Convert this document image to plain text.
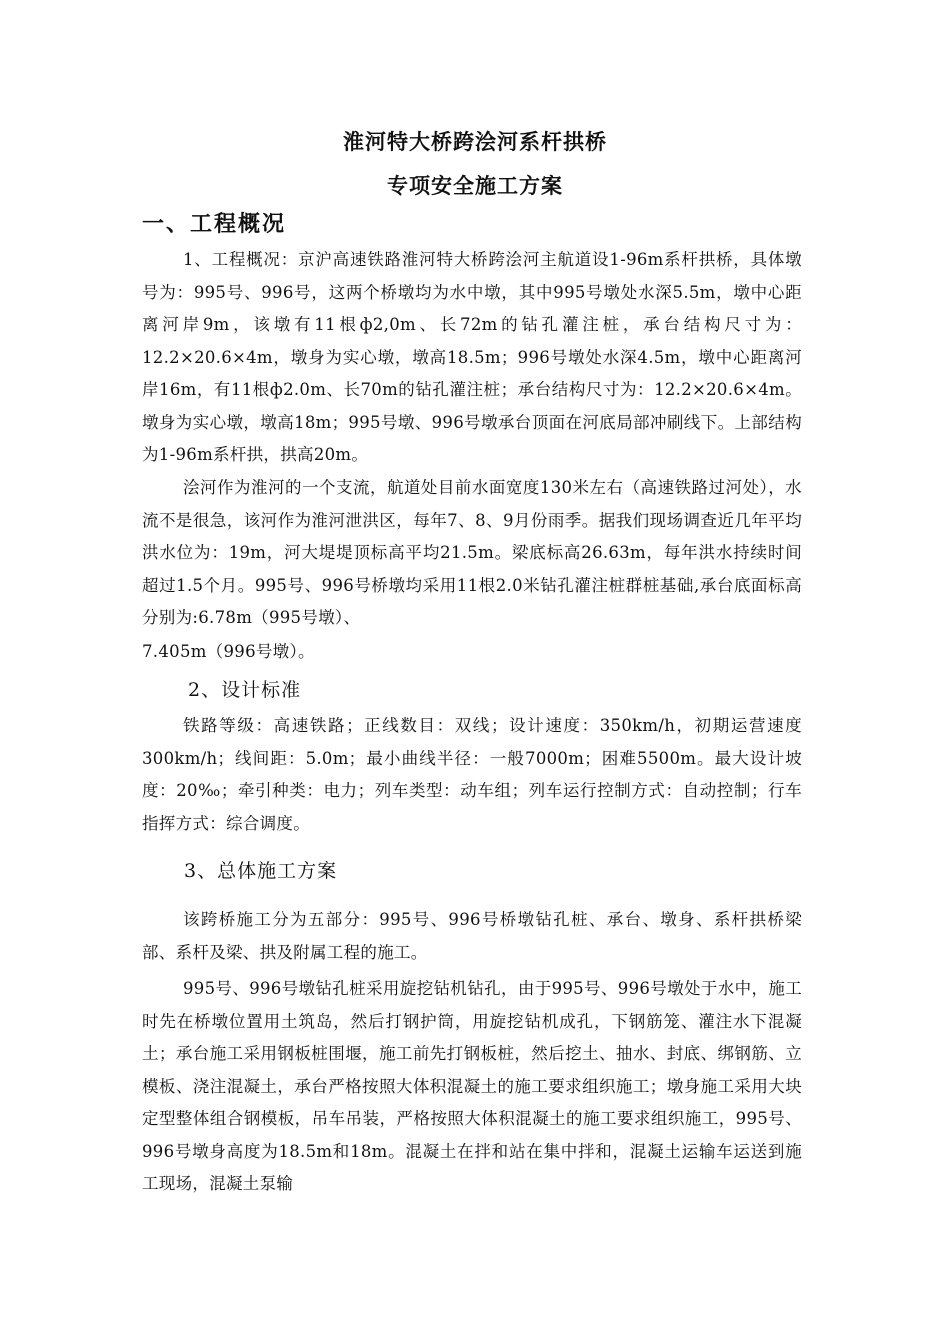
淮河特大桥跨浍河系杆拱桥
专项安全施工方案
一、工程概况
1、工程概况：京沪高速铁路淮河特大桥跨浍河主航道设1-96m系杆拱桥，具体墩号为：995号、996号，这两个桥墩均为水中墩，其中995号墩处水深5.5m，墩中心距离河岸9m，该墩有11根ф2,0m、长72m的钻孔灌注桩，承台结构尺寸为：12.2×20.6×4m，墩身为实心墩，墩高18.5m；996号墩处水深4.5m，墩中心距离河岸16m，有11根ф2.0m、长70m的钻孔灌注桩；承台结构尺寸为：12.2×20.6×4m。墩身为实心墩，墩高18m；995号墩、996号墩承台顶面在河底局部冲刷线下。上部结构为1-96m系杆拱，拱高20m。
浍河作为淮河的一个支流，航道处目前水面宽度130米左右（高速铁路过河处），水流不是很急，该河作为淮河泄洪区，每年7、8、9月份雨季。据我们现场调查近几年平均洪水位为：19m，河大堤堤顶标高平均21.5m。梁底标高26.63m，每年洪水持续时间超过1.5个月。995号、996号桥墩均采用11根2.0米钻孔灌注桩群桩基础,承台底面标高分别为:6.78m（995号墩）、
7.405m（996号墩）。
2、设计标准
铁路等级：高速铁路；正线数目：双线；设计速度：350km/h，初期运营速度300km/h；线间距：5.0m；最小曲线半径：一般7000m；困难5500m。最大设计坡度：20‰；牵引种类：电力；列车类型：动车组；列车运行控制方式：自动控制；行车指挥方式：综合调度。
3、总体施工方案
该跨桥施工分为五部分：995号、996号桥墩钻孔桩、承台、墩身、系杆拱桥梁部、系杆及梁、拱及附属工程的施工。
995号、996号墩钻孔桩采用旋挖钻机钻孔，由于995号、996号墩处于水中，施工时先在桥墩位置用土筑岛，然后打钢护筒，用旋挖钻机成孔，下钢筋笼、灌注水下混凝土；承台施工采用钢板桩围堰，施工前先打钢板桩，然后挖土、抽水、封底、绑钢筋、立模板、浇注混凝土，承台严格按照大体积混凝土的施工要求组织施工；墩身施工采用大块定型整体组合钢模板，吊车吊装，严格按照大体积混凝土的施工要求组织施工，995号、996号墩身高度为18.5m和18m。混凝土在拌和站在集中拌和，混凝土运输车运送到施工现场，混凝土泵输
